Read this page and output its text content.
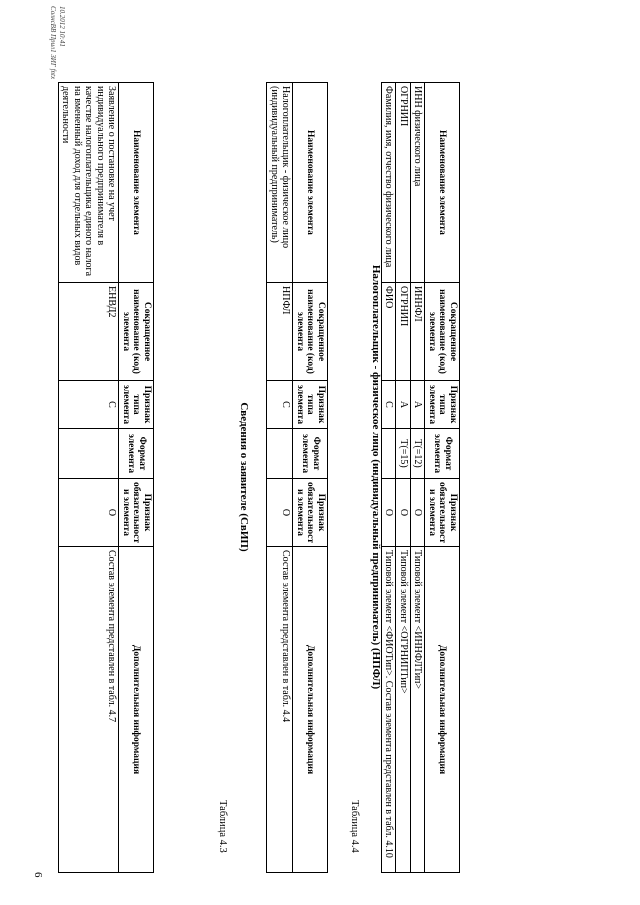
6
10.2012 10:41
СолнсВВ Прил1 ЗИГ fntx
Наименование элемента	Сокращенное наименование (код) элемента	Признак типа элемента	Формат элемента	Признак обязательности элемента	Дополнительная информация
Заявление о постановке на учет индивидуального предпринимателя в качестве налогоплательщика единого налога на вмененный доход для отдельных видов деятельности	ЕНВД2	С		О	Состав элемента представлен в табл. 4.7
Таблица 4.3
Сведения о заявителе (СвИП)
Наименование элемента	Сокращенное наименование (код) элемента	Признак типа элемента	Формат элемента	Признак обязательности элемента	Дополнительная информация
Налогоплательщик - физическое лицо (индивидуальный предприниматель)	НПФЛ	С		О	Состав элемента представлен в табл. 4.4
Таблица 4.4
Налогоплательщик - физическое лицо (индивидуальный предприниматель) (НПФЛ)
Наименование элемента	Сокращенное наименование (код) элемента	Признак типа элемента	Формат элемента	Признак обязательности элемента	Дополнительная информация
ИНН физического лица	ИННФЛ	А	Т(=12)	О	Типовой элемент <ИННФЛТип>
ОГРНИП	ОГРНИП	А	Т(=15)	О	Типовой элемент <ОГРНИПТип>
Фамилия, имя, отчество физического лица	ФИО	С		О	Типовой элемент <ФИОТип>. Состав элемента представлен в табл. 4.10
